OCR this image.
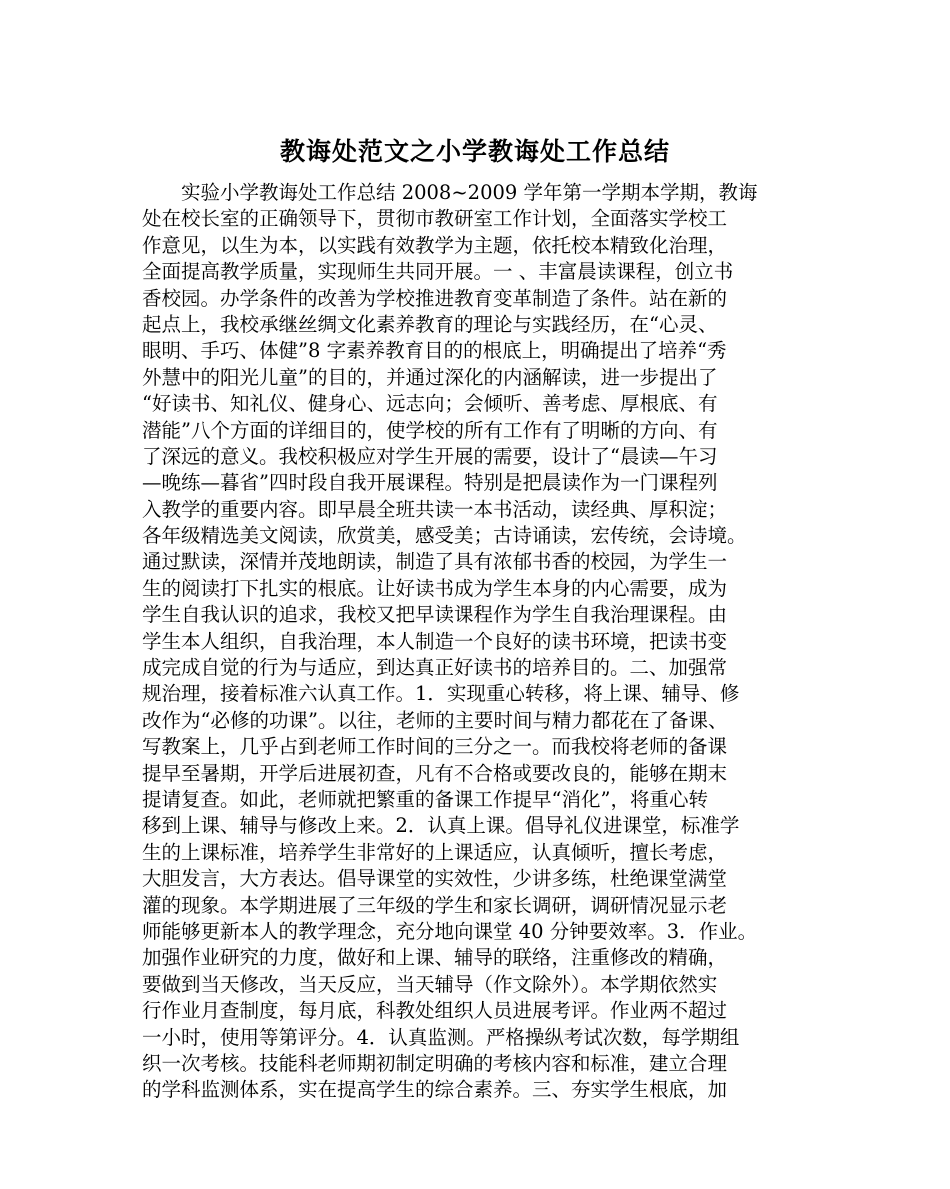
教诲处范文之小学教诲处工作总结
　　实验小学教诲处工作总结 2008~2009 学年第一学期本学期，教诲
处在校长室的正确领导下，贯彻市教研室工作计划，全面落实学校工
作意见，以生为本，以实践有效教学为主题，依托校本精致化治理，
全面提高教学质量，实现师生共同开展。一 、丰富晨读课程，创立书
香校园。办学条件的改善为学校推进教育变革制造了条件。站在新的
起点上，我校承继丝绸文化素养教育的理论与实践经历，在“心灵、
眼明、手巧、体健”8 字素养教育目的的根底上，明确提出了培养“秀
外慧中的阳光儿童”的目的，并通过深化的内涵解读，进一步提出了
“好读书、知礼仪、健身心、远志向；会倾听、善考虑、厚根底、有
潜能”八个方面的详细目的，使学校的所有工作有了明晰的方向、有
了深远的意义。我校积极应对学生开展的需要，设计了“晨读—午习
—晚练—暮省”四时段自我开展课程。特别是把晨读作为一门课程列
入教学的重要内容。即早晨全班共读一本书活动，读经典、厚积淀；
各年级精选美文阅读，欣赏美，感受美；古诗诵读，宏传统，会诗境。
通过默读，深情并茂地朗读，制造了具有浓郁书香的校园，为学生一
生的阅读打下扎实的根底。让好读书成为学生本身的内心需要，成为
学生自我认识的追求，我校又把早读课程作为学生自我治理课程。由
学生本人组织，自我治理，本人制造一个良好的读书环境，把读书变
成完成自觉的行为与适应，到达真正好读书的培养目的。二、加强常
规治理，接着标准六认真工作。1．实现重心转移，将上课、辅导、修
改作为“必修的功课”。以往，老师的主要时间与精力都花在了备课、
写教案上，几乎占到老师工作时间的三分之一。而我校将老师的备课
提早至暑期，开学后进展初查，凡有不合格或要改良的，能够在期末
提请复查。如此，老师就把繁重的备课工作提早“消化”，将重心转
移到上课、辅导与修改上来。2．认真上课。倡导礼仪进课堂，标准学
生的上课标准，培养学生非常好的上课适应，认真倾听，擅长考虑，
大胆发言，大方表达。倡导课堂的实效性，少讲多练，杜绝课堂满堂
灌的现象。本学期进展了三年级的学生和家长调研，调研情况显示老
师能够更新本人的教学理念，充分地向课堂 40 分钟要效率。3．作业。
加强作业研究的力度，做好和上课、辅导的联络，注重修改的精确，
要做到当天修改，当天反应，当天辅导（作文除外）。本学期依然实
行作业月查制度，每月底，科教处组织人员进展考评。作业两不超过
一小时，使用等第评分。4．认真监测。严格操纵考试次数，每学期组
织一次考核。技能科老师期初制定明确的考核内容和标准，建立合理
的学科监测体系，实在提高学生的综合素养。三、夯实学生根底，加
